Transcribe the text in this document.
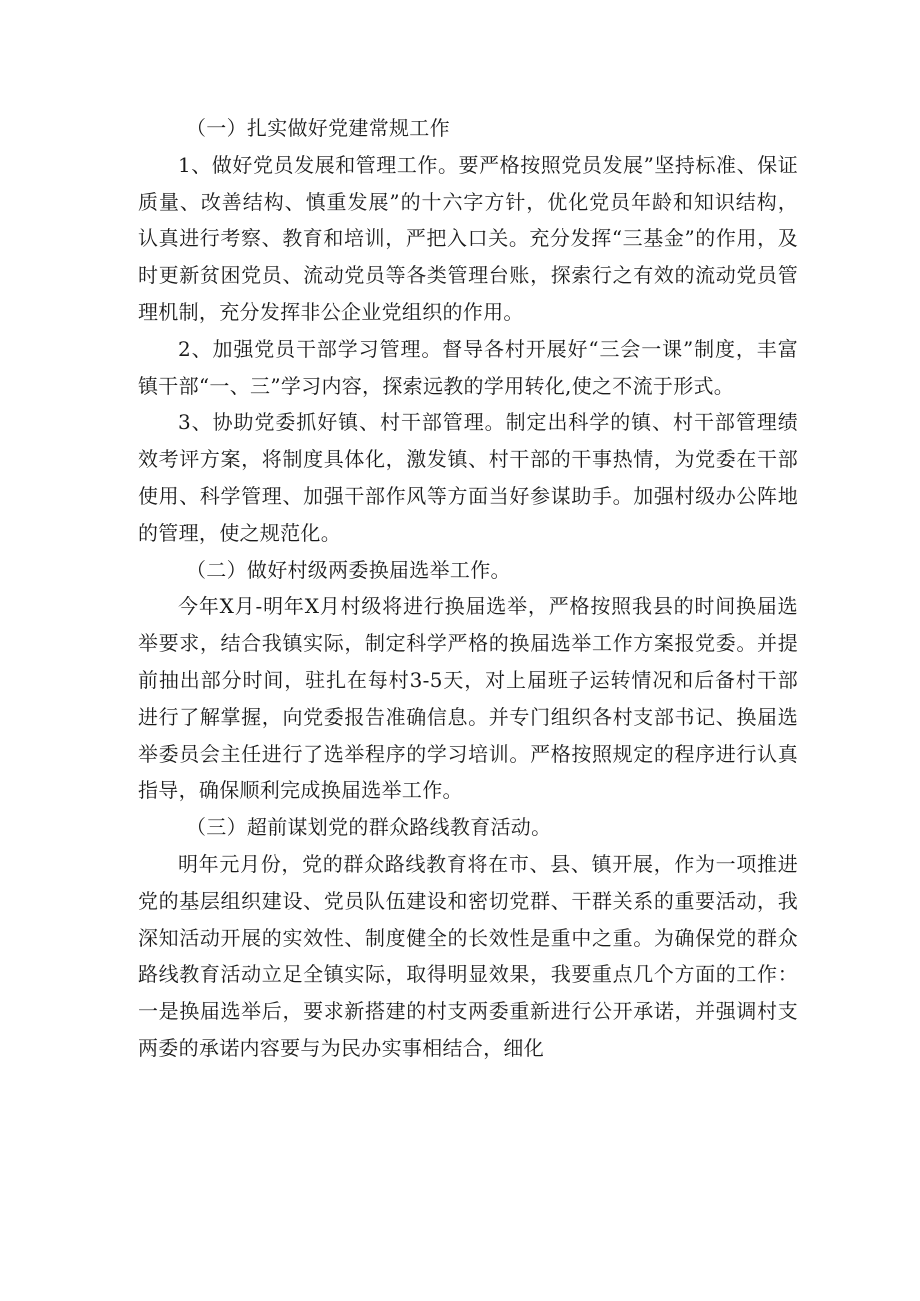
（一）扎实做好党建常规工作

1、做好党员发展和管理工作。要严格按照党员发展”坚持标准、保证质量、改善结构、慎重发展”的十六字方针，优化党员年龄和知识结构，认真进行考察、教育和培训，严把入口关。充分发挥“三基金”的作用，及时更新贫困党员、流动党员等各类管理台账，探索行之有效的流动党员管理机制，充分发挥非公企业党组织的作用。

2、加强党员干部学习管理。督导各村开展好“三会一课”制度，丰富镇干部“一、三”学习内容，探索远教的学用转化,使之不流于形式。

3、协助党委抓好镇、村干部管理。制定出科学的镇、村干部管理绩效考评方案，将制度具体化，激发镇、村干部的干事热情，为党委在干部使用、科学管理、加强干部作风等方面当好参谋助手。加强村级办公阵地的管理，使之规范化。

（二）做好村级两委换届选举工作。

今年X月-明年X月村级将进行换届选举，严格按照我县的时间换届选举要求，结合我镇实际，制定科学严格的换届选举工作方案报党委。并提前抽出部分时间，驻扎在每村3-5天，对上届班子运转情况和后备村干部进行了解掌握，向党委报告准确信息。并专门组织各村支部书记、换届选举委员会主任进行了选举程序的学习培训。严格按照规定的程序进行认真指导，确保顺利完成换届选举工作。

（三）超前谋划党的群众路线教育活动。

明年元月份，党的群众路线教育将在市、县、镇开展，作为一项推进党的基层组织建设、党员队伍建设和密切党群、干群关系的重要活动，我深知活动开展的实效性、制度健全的长效性是重中之重。为确保党的群众路线教育活动立足全镇实际，取得明显效果，我要重点几个方面的工作：一是换届选举后，要求新搭建的村支两委重新进行公开承诺，并强调村支两委的承诺内容要与为民办实事相结合，细化
